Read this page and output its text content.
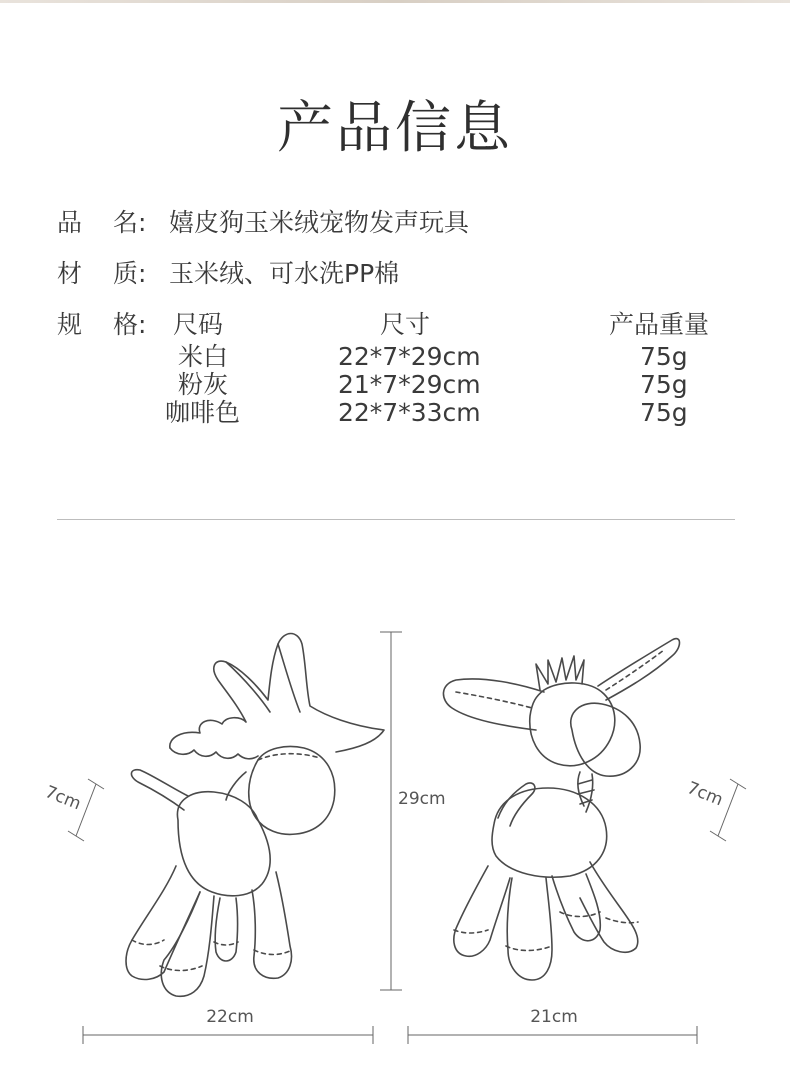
产品信息
品 名: 嬉皮狗玉米绒宠物发声玩具
材 质: 玉米绒、可水洗PP棉
规 格:	尺码	尺寸	产品重量
米白	22*7*29cm	75g
粉灰	21*7*29cm	75g
咖啡色	22*7*33cm	75g
29cm
22cm	21cm
7cm	7cm
